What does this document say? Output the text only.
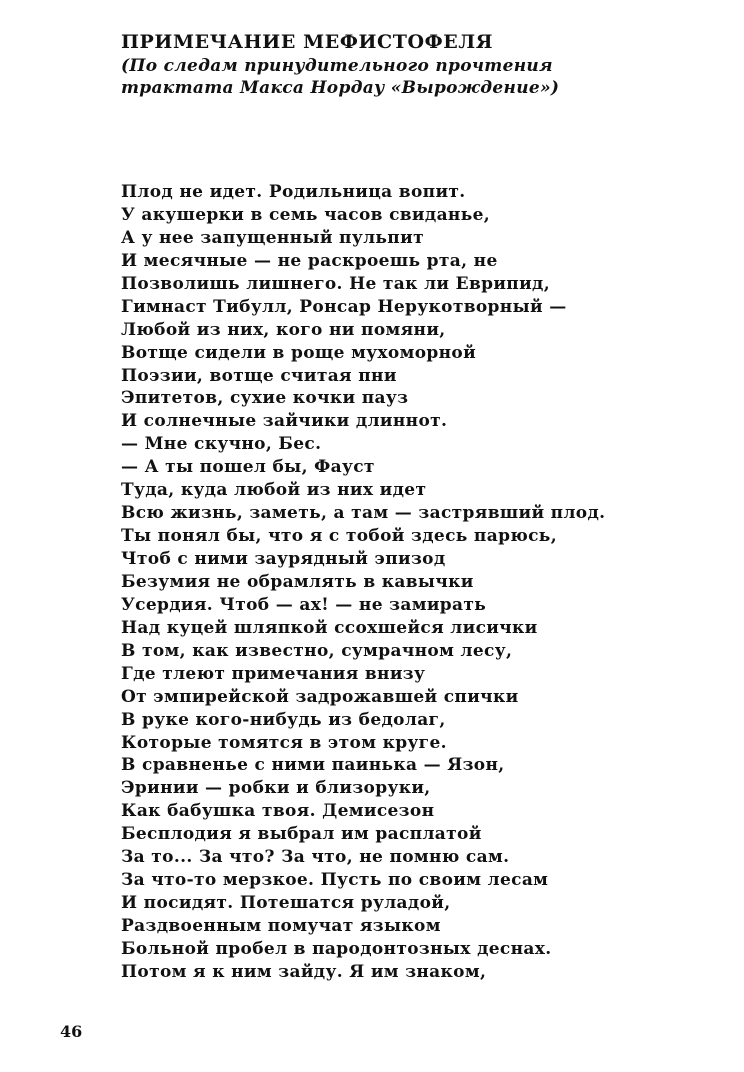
ПРИМЕЧАНИЕ МЕФИСТОФЕЛЯ
(По следам принудительного прочтения
трактата Макса Нордау «Вырождение»)
Плод не идет. Родильница вопит.
У акушерки в семь часов свиданье,
А у нее запущенный пульпит
И месячные — не раскроешь рта, не
Позволишь лишнего. Не так ли Еврипид,
Гимнаст Тибулл, Ронсар Нерукотворный —
Любой из них, кого ни помяни,
Вотще сидели в роще мухоморной
Поэзии, вотще считая пни
Эпитетов, сухие кочки пауз
И солнечные зайчики длиннот.
— Мне скучно, Бес.
— А ты пошел бы, Фауст
Туда, куда любой из них идет
Всю жизнь, заметь, а там — застрявший плод.
Ты понял бы, что я с тобой здесь парюсь,
Чтоб с ними заурядный эпизод
Безумия не обрамлять в кавычки
Усердия. Чтоб — ах! — не замирать
Над куцей шляпкой ссохшейся лисички
В том, как известно, сумрачном лесу,
Где тлеют примечания внизу
От эмпирейской задрожавшей спички
В руке кого-нибудь из бедолаг,
Которые томятся в этом круге.
В сравненье с ними паинька — Язон,
Эринии — робки и близоруки,
Как бабушка твоя. Демисезон
Бесплодия я выбрал им расплатой
За то... За что? За что, не помню сам.
За что-то мерзкое. Пусть по своим лесам
И посидят. Потешатся руладой,
Раздвоенным помучат языком
Больной пробел в пародонтозных деснах.
Потом я к ним зайду. Я им знаком,
46
